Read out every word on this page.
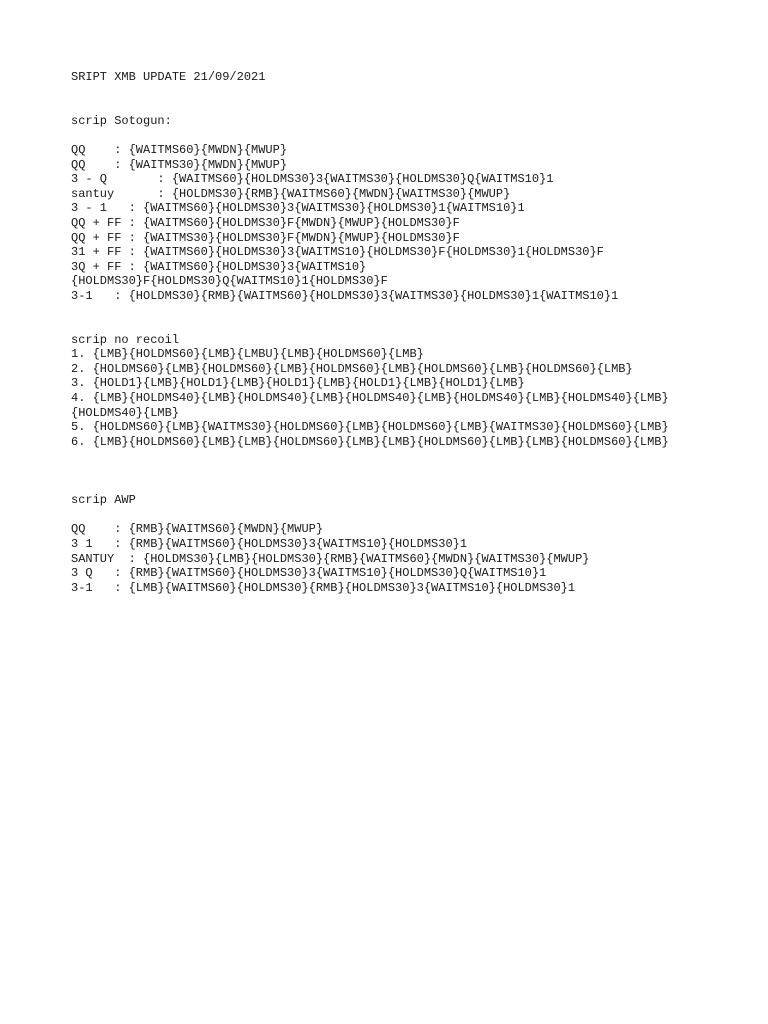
SRIPT XMB UPDATE 21/09/2021
scrip Sotogun:
QQ    : {WAITMS60}{MWDN}{MWUP}
QQ    : {WAITMS30}{MWDN}{MWUP}
3 - Q       : {WAITMS60}{HOLDMS30}3{WAITMS30}{HOLDMS30}Q{WAITMS10}1
santuy      : {HOLDMS30}{RMB}{WAITMS60}{MWDN}{WAITMS30}{MWUP}
3 - 1   : {WAITMS60}{HOLDMS30}3{WAITMS30}{HOLDMS30}1{WAITMS10}1
QQ + FF : {WAITMS60}{HOLDMS30}F{MWDN}{MWUP}{HOLDMS30}F
QQ + FF : {WAITMS30}{HOLDMS30}F{MWDN}{MWUP}{HOLDMS30}F
31 + FF : {WAITMS60}{HOLDMS30}3{WAITMS10}{HOLDMS30}F{HOLDMS30}1{HOLDMS30}F
3Q + FF : {WAITMS60}{HOLDMS30}3{WAITMS10}
{HOLDMS30}F{HOLDMS30}Q{WAITMS10}1{HOLDMS30}F
3-1   : {HOLDMS30}{RMB}{WAITMS60}{HOLDMS30}3{WAITMS30}{HOLDMS30}1{WAITMS10}1
scrip no recoil
1. {LMB}{HOLDMS60}{LMB}{LMBU}{LMB}{HOLDMS60}{LMB}
2. {HOLDMS60}{LMB}{HOLDMS60}{LMB}{HOLDMS60}{LMB}{HOLDMS60}{LMB}{HOLDMS60}{LMB}
3. {HOLD1}{LMB}{HOLD1}{LMB}{HOLD1}{LMB}{HOLD1}{LMB}{HOLD1}{LMB}
4. {LMB}{HOLDMS40}{LMB}{HOLDMS40}{LMB}{HOLDMS40}{LMB}{HOLDMS40}{LMB}{HOLDMS40}{LMB}
{HOLDMS40}{LMB}
5. {HOLDMS60}{LMB}{WAITMS30}{HOLDMS60}{LMB}{HOLDMS60}{LMB}{WAITMS30}{HOLDMS60}{LMB}
6. {LMB}{HOLDMS60}{LMB}{LMB}{HOLDMS60}{LMB}{LMB}{HOLDMS60}{LMB}{LMB}{HOLDMS60}{LMB}
scrip AWP
QQ    : {RMB}{WAITMS60}{MWDN}{MWUP}
3 1   : {RMB}{WAITMS60}{HOLDMS30}3{WAITMS10}{HOLDMS30}1
SANTUY  : {HOLDMS30}{LMB}{HOLDMS30}{RMB}{WAITMS60}{MWDN}{WAITMS30}{MWUP}
3 Q   : {RMB}{WAITMS60}{HOLDMS30}3{WAITMS10}{HOLDMS30}Q{WAITMS10}1
3-1   : {LMB}{WAITMS60}{HOLDMS30}{RMB}{HOLDMS30}3{WAITMS10}{HOLDMS30}1
